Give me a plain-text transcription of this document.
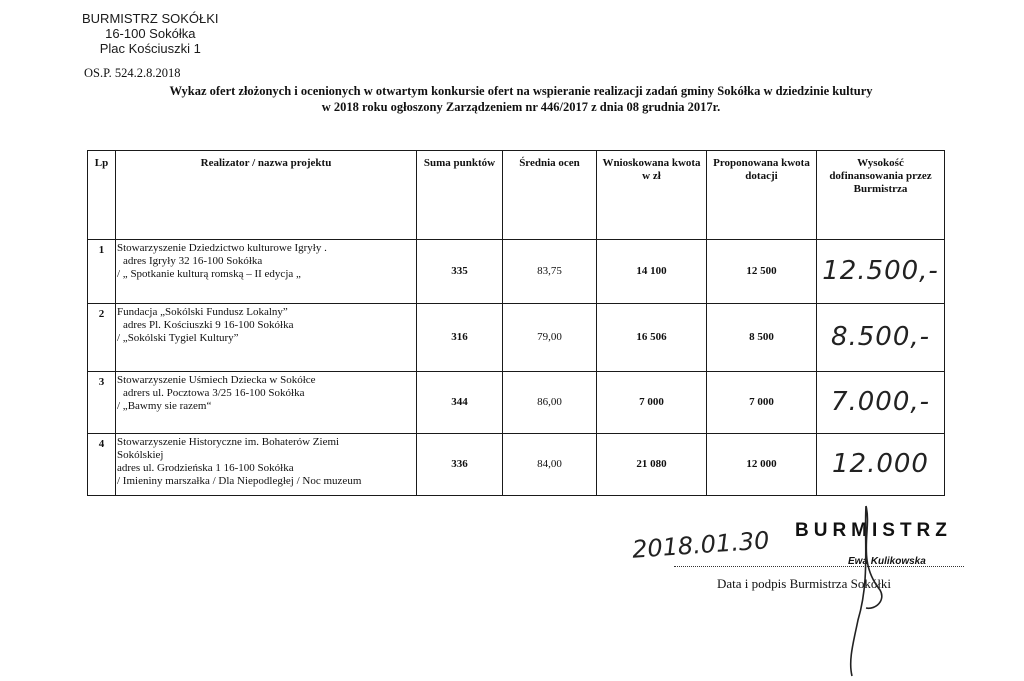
BURMISTRZ SOKÓŁKI
16-100 Sokółka
Plac Kościuszki 1
OS.P. 524.2.8.2018
Wykaz ofert złożonych i ocenionych w otwartym konkursie ofert na wspieranie realizacji zadań gminy Sokółka w dziedzinie kultury
w 2018 roku ogłoszony Zarządzeniem nr 446/2017 z dnia 08 grudnia 2017r.
Lp	Realizator / nazwa projektu	Suma punktów	Średnia ocen	Wnioskowana kwota w zł	Proponowana kwota dotacji	Wysokość dofinansowania przez Burmistrza
1	Stowarzyszenie Dziedzictwo kulturowe Igryły .
adres Igryły 32 16-100 Sokółka
/ „ Spotkanie kulturą romską – II edycja „	335	83,75	14 100	12 500	12.500,-
2	Fundacja „Sokólski Fundusz Lokalny”
adres Pl. Kościuszki 9 16-100 Sokółka
/ „Sokólski Tygiel Kultury”	316	79,00	16 506	8 500	8.500,-
3	Stowarzyszenie Uśmiech Dziecka w Sokółce
adrers ul. Pocztowa 3/25 16-100 Sokółka
/ „Bawmy sie razem“	344	86,00	7 000	7 000	7.000,-
4	Stowarzyszenie Historyczne im. Bohaterów Ziemi
Sokólskiej
adres ul. Grodzieńska 1 16-100 Sokółka
/ Imieniny marszałka / Dla Niepodległej / Noc muzeum	336	84,00	21 080	12 000	12.000
2018.01.30 BURMISTRZ
Ewa Kulikowska
Data i podpis Burmistrza Sokółki
